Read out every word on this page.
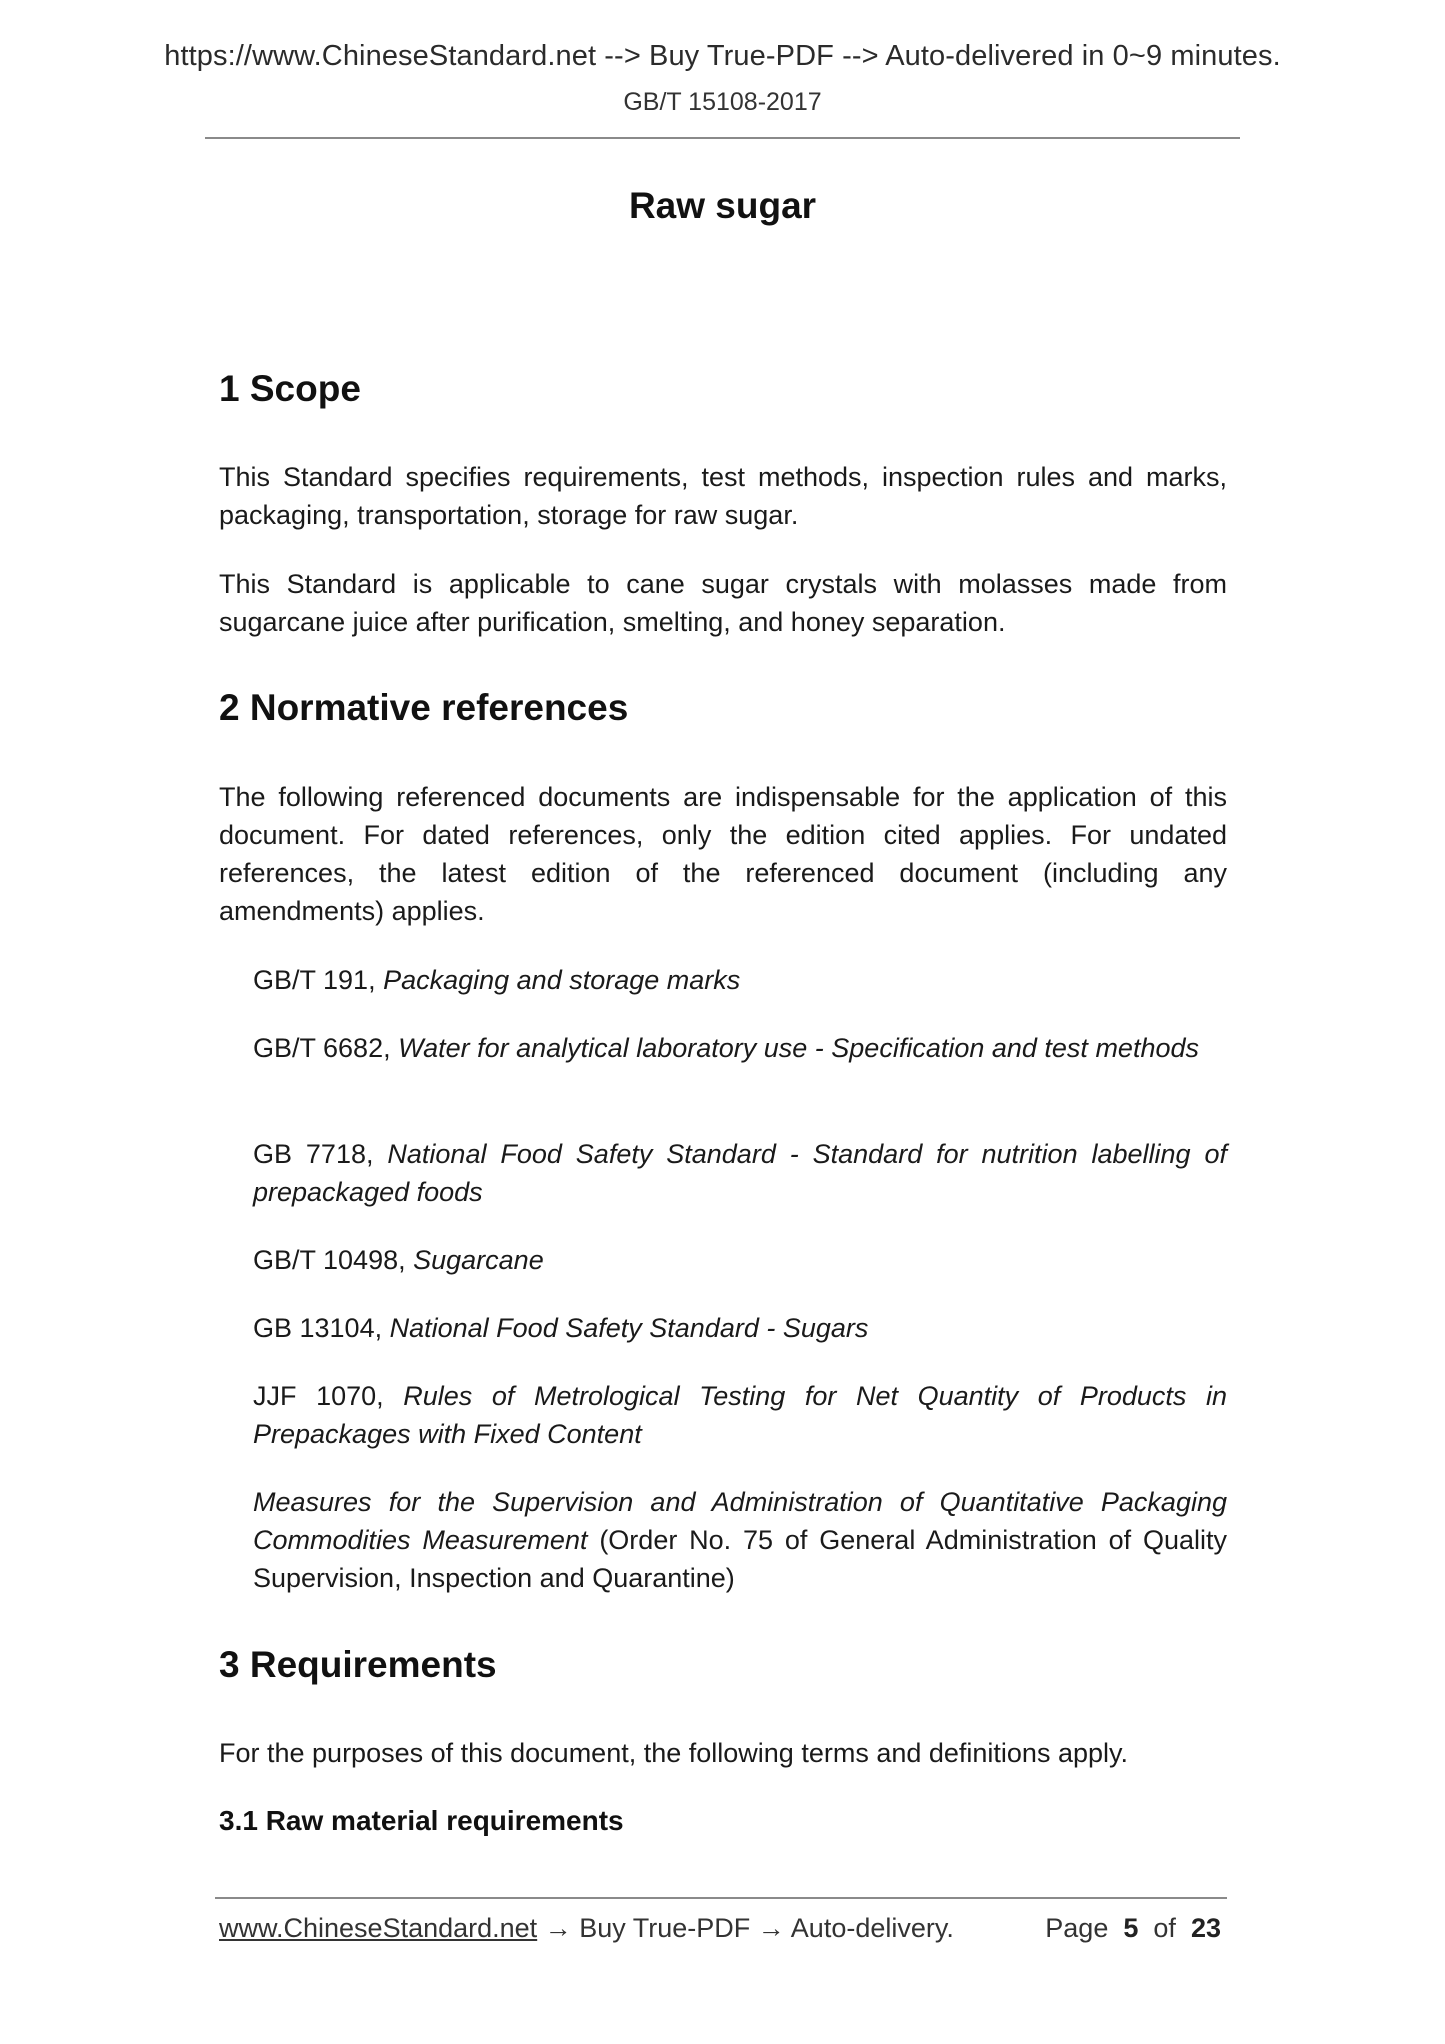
https://www.ChineseStandard.net --> Buy True-PDF --> Auto-delivered in 0~9 minutes.
GB/T 15108-2017
Raw sugar
1 Scope
This Standard specifies requirements, test methods, inspection rules and marks, packaging, transportation, storage for raw sugar.
This Standard is applicable to cane sugar crystals with molasses made from sugarcane juice after purification, smelting, and honey separation.
2 Normative references
The following referenced documents are indispensable for the application of this document. For dated references, only the edition cited applies. For undated references, the latest edition of the referenced document (including any amendments) applies.
GB/T 191, Packaging and storage marks
GB/T 6682, Water for analytical laboratory use - Specification and test methods
GB 7718, National Food Safety Standard - Standard for nutrition labelling of prepackaged foods
GB/T 10498, Sugarcane
GB 13104, National Food Safety Standard - Sugars
JJF 1070, Rules of Metrological Testing for Net Quantity of Products in Prepackages with Fixed Content
Measures for the Supervision and Administration of Quantitative Packaging Commodities Measurement (Order No. 75 of General Administration of Quality Supervision, Inspection and Quarantine)
3 Requirements
For the purposes of this document, the following terms and definitions apply.
3.1 Raw material requirements
www.ChineseStandard.net → Buy True-PDF → Auto-delivery.	Page 5 of 23
